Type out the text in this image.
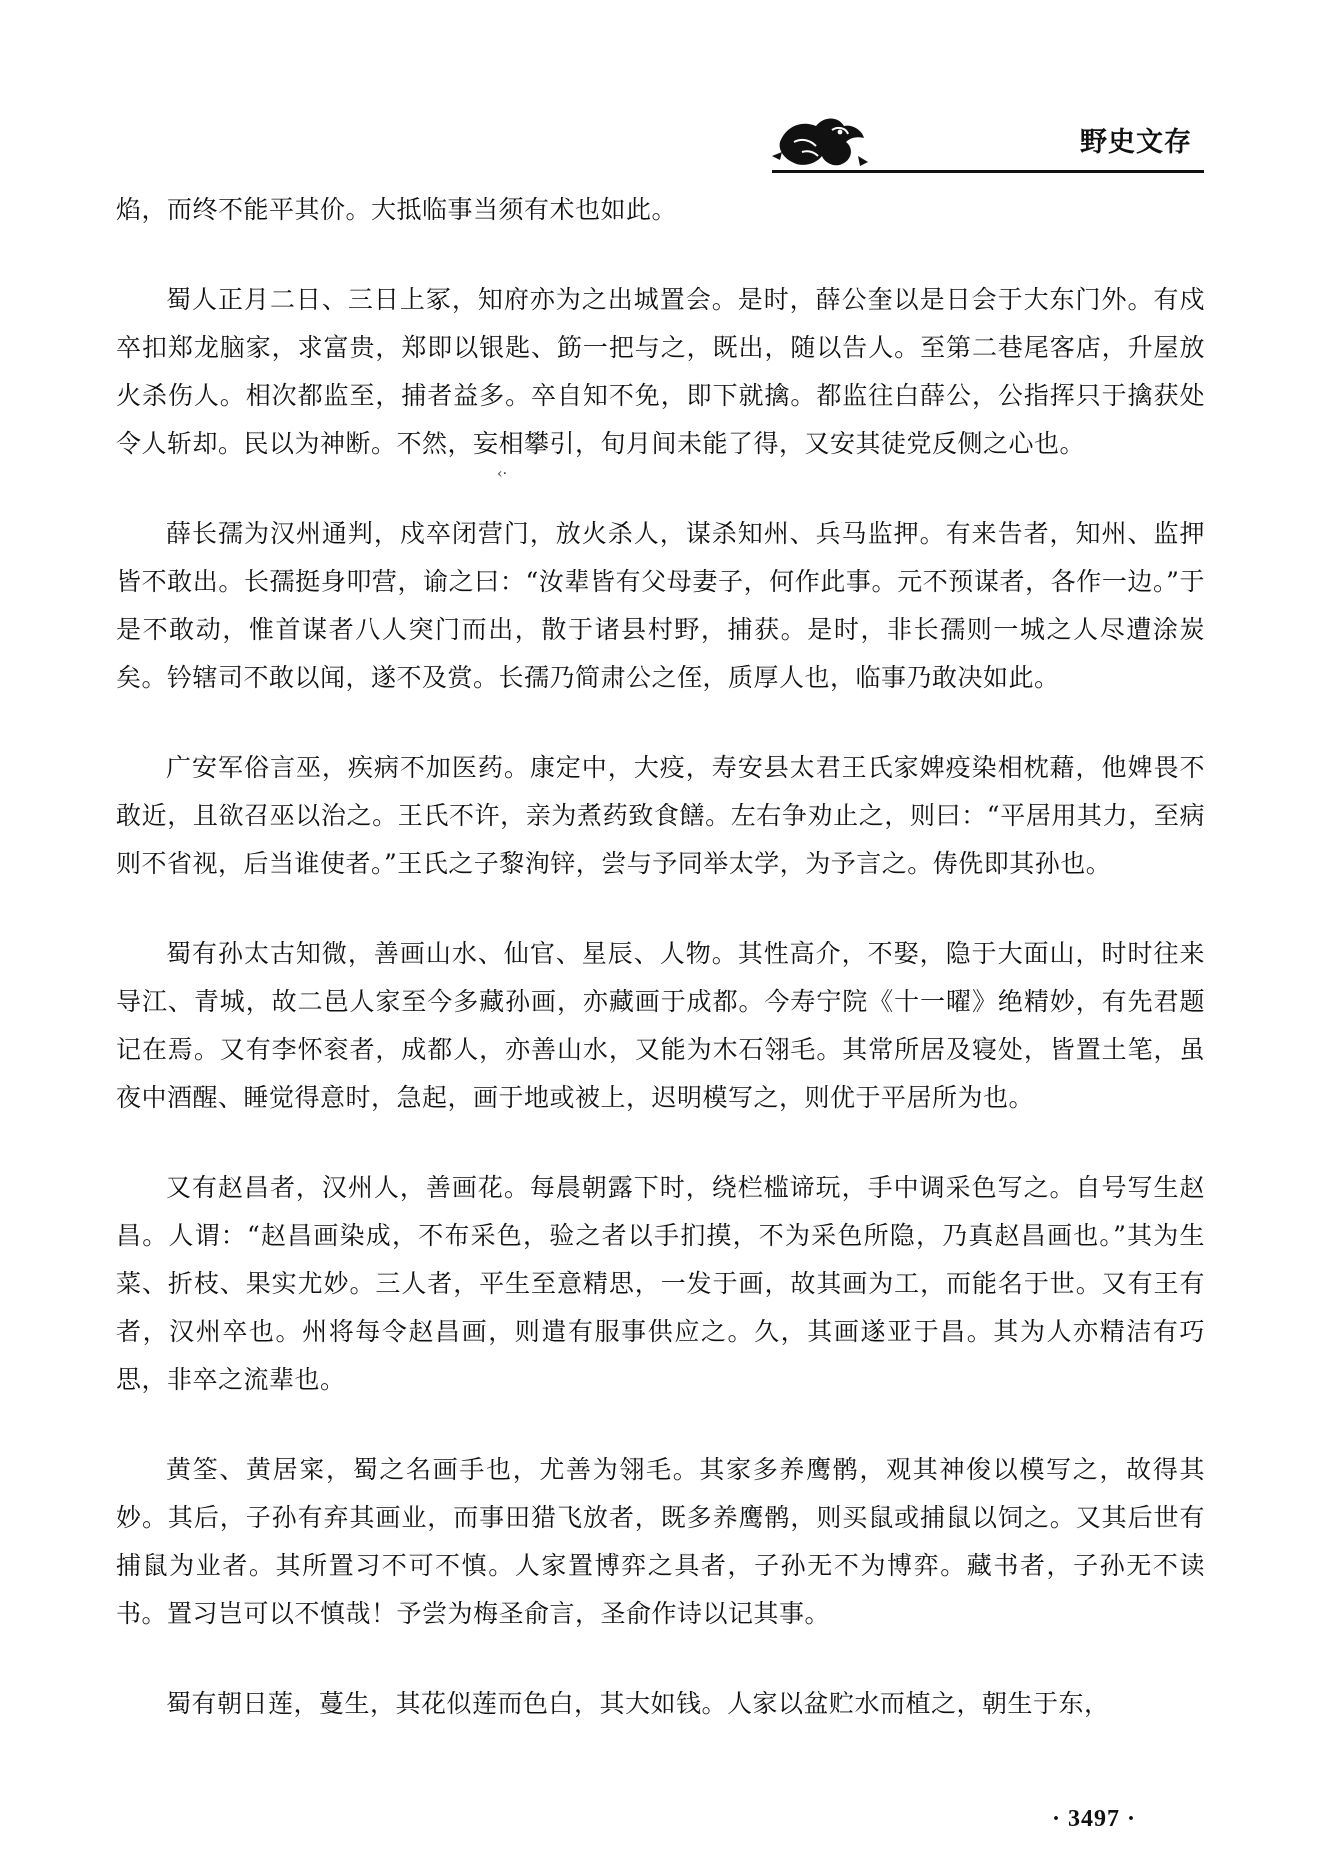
野史文存

焰，而终不能平其价。大抵临事当须有术也如此。

蜀人正月二日、三日上冢，知府亦为之出城置会。是时，薛公奎以是日会于大东门外。有戍卒扣郑龙脑家，求富贵，郑即以银匙、筯一把与之，既出，随以告人。至第二巷尾客店，升屋放火杀伤人。相次都监至，捕者益多。卒自知不免，即下就擒。都监往白薛公，公指挥只于擒获处令人斩却。民以为神断。不然，妄相攀引，旬月间未能了得，又安其徒党反侧之心也。

薛长孺为汉州通判，戍卒闭营门，放火杀人，谋杀知州、兵马监押。有来告者，知州、监押皆不敢出。长孺挺身叩营，谕之曰：“汝辈皆有父母妻子，何作此事。元不预谋者，各作一边。”于是不敢动，惟首谋者八人突门而出，散于诸县村野，捕获。是时，非长孺则一城之人尽遭涂炭矣。钤辖司不敢以闻，遂不及赏。长孺乃简肃公之侄，质厚人也，临事乃敢决如此。

广安军俗言巫，疾病不加医药。康定中，大疫，寿安县太君王氏家婢疫染相枕藉，他婢畏不敢近，且欲召巫以治之。王氏不许，亲为煮药致食饍。左右争劝止之，则曰：“平居用其力，至病则不省视，后当谁使者。”王氏之子黎洵锌，尝与予同举太学，为予言之。俦侁即其孙也。

蜀有孙太古知微，善画山水、仙官、星辰、人物。其性高介，不娶，隐于大面山，时时往来导江、青城，故二邑人家至今多藏孙画，亦藏画于成都。今寿宁院《十一曜》绝精妙，有先君题记在焉。又有李怀衮者，成都人，亦善山水，又能为木石翎毛。其常所居及寝处，皆置土笔，虽夜中酒醒、睡觉得意时，急起，画于地或被上，迟明模写之，则优于平居所为也。

又有赵昌者，汉州人，善画花。每晨朝露下时，绕栏槛谛玩，手中调采色写之。自号写生赵昌。人谓：“赵昌画染成，不布采色，验之者以手扪摸，不为采色所隐，乃真赵昌画也。”其为生菜、折枝、果实尤妙。三人者，平生至意精思，一发于画，故其画为工，而能名于世。又有王有者，汉州卒也。州将每令赵昌画，则遣有服事供应之。久，其画遂亚于昌。其为人亦精洁有巧思，非卒之流辈也。

黄筌、黄居寀，蜀之名画手也，尤善为翎毛。其家多养鹰鹘，观其神俊以模写之，故得其妙。其后，子孙有弃其画业，而事田猎飞放者，既多养鹰鹘，则买鼠或捕鼠以饲之。又其后世有捕鼠为业者。其所置习不可不慎。人家置博弈之具者，子孙无不为博弈。藏书者，子孙无不读书。置习岂可以不慎哉！予尝为梅圣俞言，圣俞作诗以记其事。

蜀有朝日莲，蔓生，其花似莲而色白，其大如钱。人家以盆贮水而植之，朝生于东，

‹·
· 3497 ·
